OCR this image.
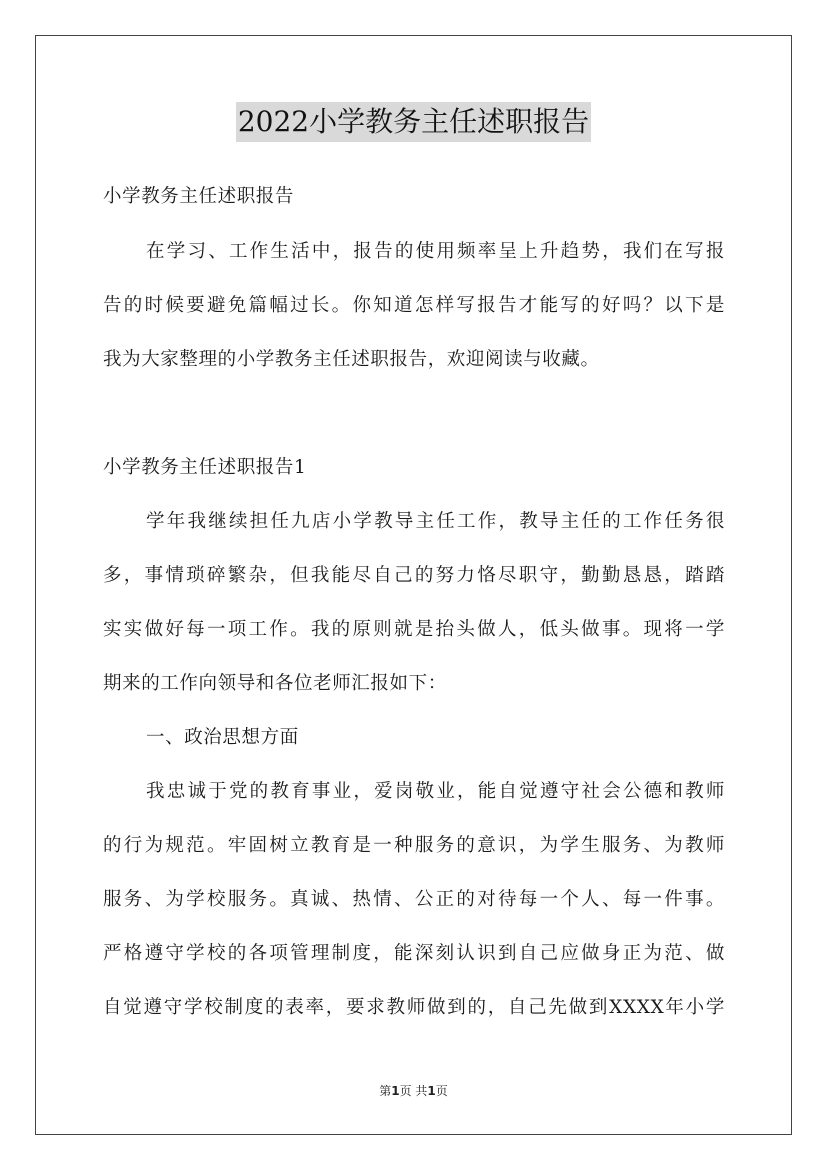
2022小学教务主任述职报告
小学教务主任述职报告
在学习、工作生活中，报告的使用频率呈上升趋势，我们在写报
告的时候要避免篇幅过长。你知道怎样写报告才能写的好吗？以下是
我为大家整理的小学教务主任述职报告，欢迎阅读与收藏。
小学教务主任述职报告1
学年我继续担任九店小学教导主任工作，教导主任的工作任务很
多，事情琐碎繁杂，但我能尽自己的努力恪尽职守，勤勤恳恳，踏踏
实实做好每一项工作。我的原则就是抬头做人，低头做事。现将一学
期来的工作向领导和各位老师汇报如下：
一、政治思想方面
我忠诚于党的教育事业，爱岗敬业，能自觉遵守社会公德和教师
的行为规范。牢固树立教育是一种服务的意识，为学生服务、为教师
服务、为学校服务。真诚、热情、公正的对待每一个人、每一件事。
严格遵守学校的各项管理制度，能深刻认识到自己应做身正为范、做
自觉遵守学校制度的表率，要求教师做到的，自己先做到XXXX年小学
第1页 共1页
